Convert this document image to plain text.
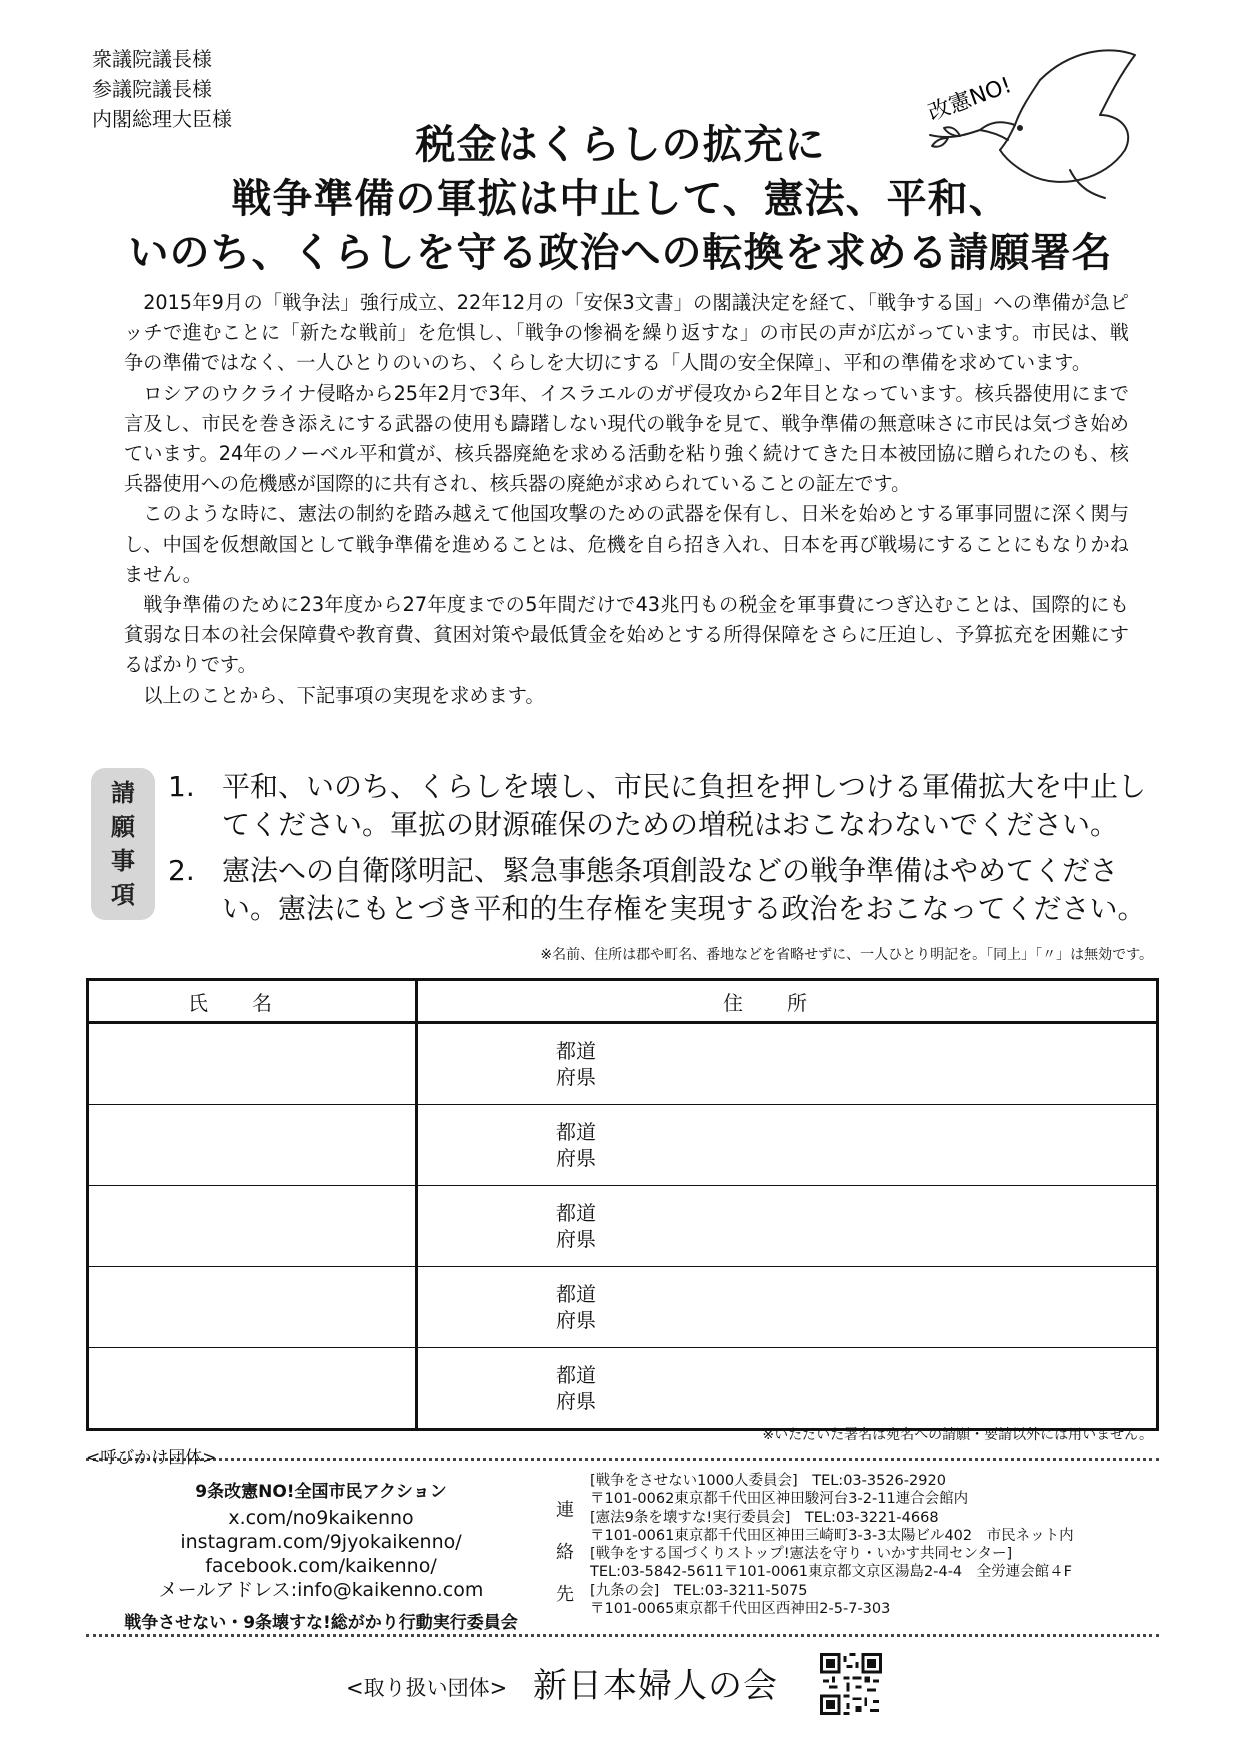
衆議院議長様
参議院議長様
内閣総理大臣様	改憲NO!
税金はくらしの拡充に
戦争準備の軍拡は中止して、憲法、平和、
いのち、くらしを守る政治への転換を求める請願署名

2015年9月の「戦争法」強行成立、22年12月の「安保3文書」の閣議決定を経て、「戦争する国」への準備が急ピッチで進むことに「新たな戦前」を危惧し、「戦争の惨禍を繰り返すな」の市民の声が広がっています。市民は、戦争の準備ではなく、一人ひとりのいのち、くらしを大切にする「人間の安全保障」、平和の準備を求めています。

ロシアのウクライナ侵略から25年2月で3年、イスラエルのガザ侵攻から2年目となっています。核兵器使用にまで言及し、市民を巻き添えにする武器の使用も躊躇しない現代の戦争を見て、戦争準備の無意味さに市民は気づき始めています。24年のノーベル平和賞が、核兵器廃絶を求める活動を粘り強く続けてきた日本被団協に贈られたのも、核兵器使用への危機感が国際的に共有され、核兵器の廃絶が求められていることの証左です。

このような時に、憲法の制約を踏み越えて他国攻撃のための武器を保有し、日米を始めとする軍事同盟に深く関与し、中国を仮想敵国として戦争準備を進めることは、危機を自ら招き入れ、日本を再び戦場にすることにもなりかねません。

戦争準備のために23年度から27年度までの5年間だけで43兆円もの税金を軍事費につぎ込むことは、国際的にも貧弱な日本の社会保障費や教育費、貧困対策や最低賃金を始めとする所得保障をさらに圧迫し、予算拡充を困難にするばかりです。

以上のことから、下記事項の実現を求めます。

請
願
事
項
1. 平和、いのち、くらしを壊し、市民に負担を押しつける軍備拡大を中止してください。軍拡の財源確保のための増税はおこなわないでください。
2. 憲法への自衛隊明記、緊急事態条項創設などの戦争準備はやめてください。憲法にもとづき平和的生存権を実現する政治をおこなってください。
※名前、住所は郡や町名、番地などを省略せずに、一人ひとり明記を。「同上」「〃」は無効です。
氏名	住所

	都道
府県

	都道
府県

	都道
府県

	都道
府県

	都道
府県
※いただいた署名は宛名への請願・要請以外には用いません。
<呼びかけ団体>
9条改憲NO!全国市民アクション
x.com/no9kaikenno
instagram.com/9jyokaikenno/
facebook.com/kaikenno/
メールアドレス:info@kaikenno.com
戦争させない・9条壊すな!総がかり行動実行委員会
連
絡
先
[戦争をさせない1000人委員会]　TEL:03-3526-2920
〒101-0062東京都千代田区神田駿河台3-2-11連合会館内
[憲法9条を壊すな!実行委員会]　TEL:03-3221-4668
〒101-0061東京都千代田区神田三崎町3-3-3太陽ビル402　市民ネット内
[戦争をする国づくりストップ!憲法を守り・いかす共同センター]
TEL:03-5842-5611〒101-0061東京都文京区湯島2-4-4　全労連会館４F
[九条の会]　TEL:03-3211-5075
〒101-0065東京都千代田区西神田2-5-7-303
<取り扱い団体> 新日本婦人の会
